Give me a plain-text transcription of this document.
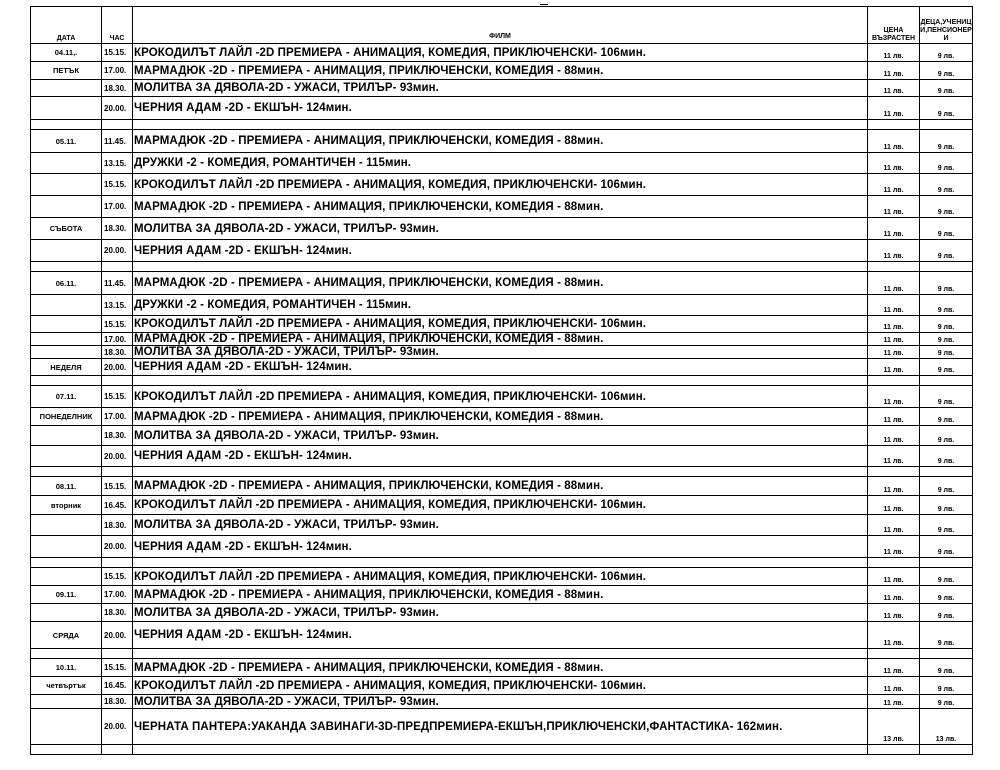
ДАТА	ЧАС	ФИЛМ	ЦЕНА ВЪЗРАСТЕН	ДЕЦА,УЧЕНИЦИ,ПЕНСИОНЕРИ
04.11,.	15.15.	КРОКОДИЛЪТ ЛАЙЛ -2D ПРЕМИЕРА - АНИМАЦИЯ, КОМЕДИЯ, ПРИКЛЮЧЕНСКИ- 106мин.	11 лв.	9 лв.
ПЕТЪК	17.00.	МАРМАДЮК -2D - ПРЕМИЕРА - АНИМАЦИЯ, ПРИКЛЮЧЕНСКИ, КОМЕДИЯ - 88мин.	11 лв.	9 лв.
	18.30.	МОЛИТВА ЗА ДЯВОЛА-2D - УЖАСИ, ТРИЛЪР- 93мин.	11 лв.	9 лв.
	20.00.	ЧЕРНИЯ АДАМ -2D - ЕКШЪН- 124мин.	11 лв.	9 лв.

05.11.	11.45.	МАРМАДЮК -2D - ПРЕМИЕРА - АНИМАЦИЯ, ПРИКЛЮЧЕНСКИ, КОМЕДИЯ - 88мин.	11 лв.	9 лв.
	13.15.	ДРУЖКИ -2 - КОМЕДИЯ, РОМАНТИЧЕН - 115мин.	11 лв.	9 лв.
	15.15.	КРОКОДИЛЪТ ЛАЙЛ -2D ПРЕМИЕРА - АНИМАЦИЯ, КОМЕДИЯ, ПРИКЛЮЧЕНСКИ- 106мин.	11 лв.	9 лв.
	17.00.	МАРМАДЮК -2D - ПРЕМИЕРА - АНИМАЦИЯ, ПРИКЛЮЧЕНСКИ, КОМЕДИЯ - 88мин.	11 лв.	9 лв.
СЪБОТА	18.30.	МОЛИТВА ЗА ДЯВОЛА-2D - УЖАСИ, ТРИЛЪР- 93мин.	11 лв.	9 лв.
	20.00.	ЧЕРНИЯ АДАМ -2D - ЕКШЪН- 124мин.	11 лв.	9 лв.

06.11.	11.45.	МАРМАДЮК -2D - ПРЕМИЕРА - АНИМАЦИЯ, ПРИКЛЮЧЕНСКИ, КОМЕДИЯ - 88мин.	11 лв.	9 лв.
	13.15.	ДРУЖКИ -2 - КОМЕДИЯ, РОМАНТИЧЕН - 115мин.	11 лв.	9 лв.
	15.15.	КРОКОДИЛЪТ ЛАЙЛ -2D ПРЕМИЕРА - АНИМАЦИЯ, КОМЕДИЯ, ПРИКЛЮЧЕНСКИ- 106мин.	11 лв.	9 лв.
	17.00.	МАРМАДЮК -2D - ПРЕМИЕРА - АНИМАЦИЯ, ПРИКЛЮЧЕНСКИ, КОМЕДИЯ - 88мин.	11 лв.	9 лв.
	18.30.	МОЛИТВА ЗА ДЯВОЛА-2D - УЖАСИ, ТРИЛЪР- 93мин.	11 лв.	9 лв.
НЕДЕЛЯ	20.00.	ЧЕРНИЯ АДАМ -2D - ЕКШЪН- 124мин.	11 лв.	9 лв.

07.11.	15.15.	КРОКОДИЛЪТ ЛАЙЛ -2D ПРЕМИЕРА - АНИМАЦИЯ, КОМЕДИЯ, ПРИКЛЮЧЕНСКИ- 106мин.	11 лв.	9 лв.
ПОНЕДЕЛНИК	17.00.	МАРМАДЮК -2D - ПРЕМИЕРА - АНИМАЦИЯ, ПРИКЛЮЧЕНСКИ, КОМЕДИЯ - 88мин.	11 лв.	9 лв.
	18.30.	МОЛИТВА ЗА ДЯВОЛА-2D - УЖАСИ, ТРИЛЪР- 93мин.	11 лв.	9 лв.
	20.00.	ЧЕРНИЯ АДАМ -2D - ЕКШЪН- 124мин.	11 лв.	9 лв.

08.11.	15.15.	МАРМАДЮК -2D - ПРЕМИЕРА - АНИМАЦИЯ, ПРИКЛЮЧЕНСКИ, КОМЕДИЯ - 88мин.	11 лв.	9 лв.
вторник	16.45.	КРОКОДИЛЪТ ЛАЙЛ -2D ПРЕМИЕРА - АНИМАЦИЯ, КОМЕДИЯ, ПРИКЛЮЧЕНСКИ- 106мин.	11 лв.	9 лв.
	18.30.	МОЛИТВА ЗА ДЯВОЛА-2D - УЖАСИ, ТРИЛЪР- 93мин.	11 лв.	9 лв.
	20.00.	ЧЕРНИЯ АДАМ -2D - ЕКШЪН- 124мин.	11 лв.	9 лв.

	15.15.	КРОКОДИЛЪТ ЛАЙЛ -2D ПРЕМИЕРА - АНИМАЦИЯ, КОМЕДИЯ, ПРИКЛЮЧЕНСКИ- 106мин.	11 лв.	9 лв.
09.11.	17.00.	МАРМАДЮК -2D - ПРЕМИЕРА - АНИМАЦИЯ, ПРИКЛЮЧЕНСКИ, КОМЕДИЯ - 88мин.	11 лв.	9 лв.
	18.30.	МОЛИТВА ЗА ДЯВОЛА-2D - УЖАСИ, ТРИЛЪР- 93мин.	11 лв.	9 лв.
СРЯДА	20.00.	ЧЕРНИЯ АДАМ -2D - ЕКШЪН- 124мин.	11 лв.	9 лв.

10.11.	15.15.	МАРМАДЮК -2D - ПРЕМИЕРА - АНИМАЦИЯ, ПРИКЛЮЧЕНСКИ, КОМЕДИЯ - 88мин.	11 лв.	9 лв.
четвъртък	16.45.	КРОКОДИЛЪТ ЛАЙЛ -2D ПРЕМИЕРА - АНИМАЦИЯ, КОМЕДИЯ, ПРИКЛЮЧЕНСКИ- 106мин.	11 лв.	9 лв.
	18.30.	МОЛИТВА ЗА ДЯВОЛА-2D - УЖАСИ, ТРИЛЪР- 93мин.	11 лв.	9 лв.
	20.00.	ЧЕРНАТА ПАНТЕРА:УАКАНДА ЗАВИНАГИ-3D-ПРЕДПРЕМИЕРА-ЕКШЪН,ПРИКЛЮЧЕНСКИ,ФАНТАСТИКА- 162мин.	13 лв.	13 лв.
